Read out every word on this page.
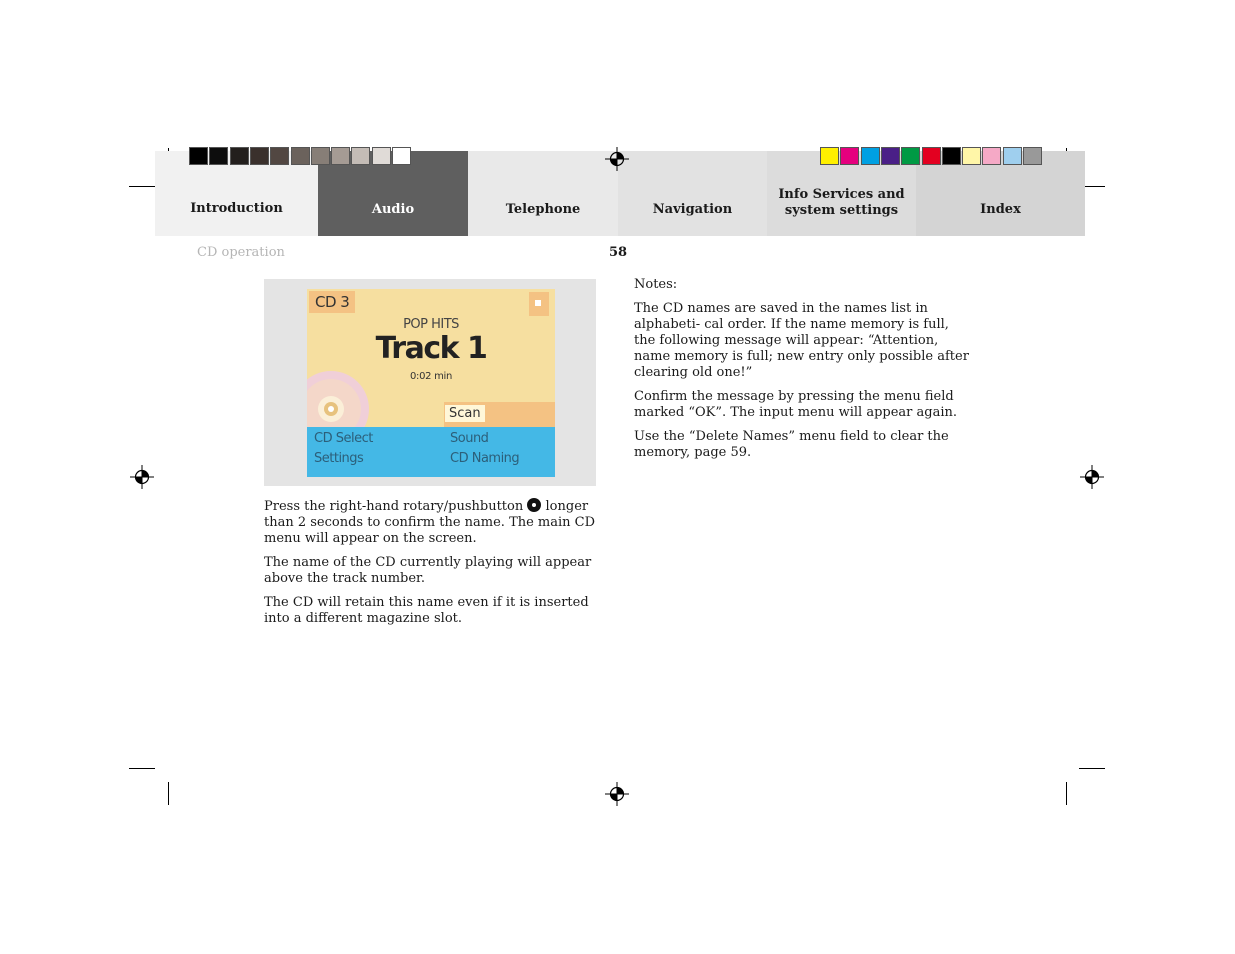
Introduction	Audio	Telephone	Navigation
Info Services and
system settings	Index
CD operation	58
CD 3
POP HITS
Track 1
0:02 min
Scan
CD Select	Sound
Settings	CD Naming

Press the right-hand rotary/pushbutton longer than 2 seconds to confirm the name. The main CD menu will appear on the screen.

The name of the CD currently playing will appear above the track number.

The CD will retain this name even if it is inserted into a different magazine slot.

Notes:

The CD names are saved in the names list in alphabeti- cal order. If the name memory is full, the following message will appear: “Attention, name memory is full; new entry only possible after clearing old one!”

Confirm the message by pressing the menu field marked “OK”. The input menu will appear again.

Use the “Delete Names” menu field to clear the memory, page 59.
